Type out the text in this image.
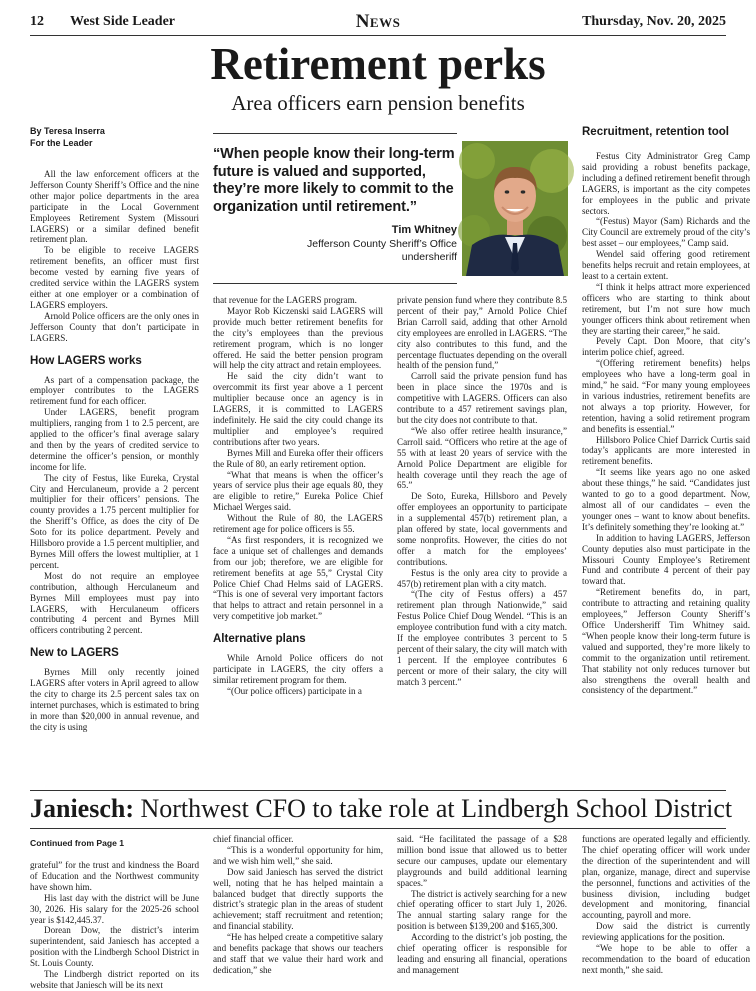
12 West Side Leader	News	Thursday, Nov. 20, 2025
Retirement perks
Area officers earn pension benefits
By Teresa Inserra
For the Leader

All the law enforcement officers at the Jefferson County Sheriff’s Office and the nine other major police departments in the area participate in the Local Government Employees Retirement System (Missouri LAGERS) or a similar defined benefit retirement plan.

To be eligible to receive LAGERS retirement benefits, an officer must first become vested by earning five years of credited service within the LAGERS system either at one employer or a combination of LAGERS employers.

Arnold Police officers are the only ones in Jefferson County that don’t participate in LAGERS.

How LAGERS works

As part of a compensation package, the employer contributes to the LAGERS retirement fund for each officer.

Under LAGERS, benefit program multipliers, ranging from 1 to 2.5 percent, are applied to the officer’s final average salary and then by the years of credited service to determine the officer’s pension, or monthly income for life.

The city of Festus, like Eureka, Crystal City and Herculaneum, provide a 2 percent multiplier for their officers’ pensions. The county provides a 1.75 percent multiplier for the Sheriff’s Office, as does the city of De Soto for its police department. Pevely and Hillsboro provide a 1.5 percent multiplier, and Byrnes Mill offers the lowest multiplier, at 1 percent.

Most do not require an employee contribution, although Herculaneum and Byrnes Mill employees must pay into LAGERS, with Herculaneum officers contributing 4 percent and Byrnes Mill officers contributing 2 percent.

New to LAGERS

Byrnes Mill only recently joined LAGERS after voters in April agreed to allow the city to charge its 2.5 percent sales tax on internet purchases, which is estimated to bring in more than $20,000 in annual revenue, and the city is using

“When people know their long-term future is valued and supported, they’re more likely to commit to the organization until retirement.”
Tim Whitney
Jefferson County Sheriff’s Office
undersheriff

that revenue for the LAGERS program.

Mayor Rob Kiczenski said LAGERS will provide much better retirement benefits for the city’s employees than the previous retirement program, which is no longer offered. He said the better pension program will help the city attract and retain employees.

He said the city didn’t want to overcommit its first year above a 1 percent multiplier because once an agency is in LAGERS, it is committed to LAGERS indefinitely. He said the city could change its multiplier and employee’s required contributions after two years.

Byrnes Mill and Eureka offer their officers the Rule of 80, an early retirement option.

“What that means is when the officer’s years of service plus their age equals 80, they are eligible to retire,” Eureka Police Chief Michael Werges said.

Without the Rule of 80, the LAGERS retirement age for police officers is 55.

“As first responders, it is recognized we face a unique set of challenges and demands from our job; therefore, we are eligible for retirement benefits at age 55,” Crystal City Police Chief Chad Helms said of LAGERS. “This is one of several very important factors that helps to attract and retain personnel in a very competitive job market.”

Alternative plans

While Arnold Police officers do not participate in LAGERS, the city offers a similar retirement program for them.

“(Our police officers) participate in a

private pension fund where they contribute 8.5 percent of their pay,” Arnold Police Chief Brian Carroll said, adding that other Arnold city employees are enrolled in LAGERS. “The city also contributes to this fund, and the percentage fluctuates depending on the overall health of the pension fund,”

Carroll said the private pension fund has been in place since the 1970s and is competitive with LAGERS. Officers can also contribute to a 457 retirement savings plan, but the city does not contribute to that.

“We also offer retiree health insurance,” Carroll said. “Officers who retire at the age of 55 with at least 20 years of service with the Arnold Police Department are eligible for health coverage until they reach the age of 65.”

De Soto, Eureka, Hillsboro and Pevely offer employees an opportunity to participate in a supplemental 457(b) retirement plan, a plan offered by state, local governments and some nonprofits. However, the cities do not offer a match for the employees’ contributions.

Festus is the only area city to provide a 457(b) retirement plan with a city match.

“(The city of Festus offers) a 457 retirement plan through Nationwide,” said Festus Police Chief Doug Wendel. “This is an employee contribution fund with a city match. If the employee contributes 3 percent to 5 percent of their salary, the city will match with 1 percent. If the employee contributes 6 percent or more of their salary, the city will match 3 percent.”

Recruitment, retention tool

Festus City Administrator Greg Camp said providing a robust benefits package, including a defined retirement benefit through LAGERS, is important as the city competes for employees in the public and private sectors.

“(Festus) Mayor (Sam) Richards and the City Council are extremely proud of the city’s best asset – our employees,” Camp said.

Wendel said offering good retirement benefits helps recruit and retain employees, at least to a certain extent.

“I think it helps attract more experienced officers who are starting to think about retirement, but I’m not sure how much younger officers think about retirement when they are starting their career,” he said.

Pevely Capt. Don Moore, that city’s interim police chief, agreed.

“(Offering retirement benefits) helps employees who have a long-term goal in mind,” he said. “For many young employees in various industries, retirement benefits are not always a top priority. However, for retention, having a solid retirement program and benefits is essential.”

Hillsboro Police Chief Darrick Curtis said today’s applicants are more interested in retirement benefits.

“It seems like years ago no one asked about these things,” he said. “Candidates just wanted to go to a good department. Now, almost all of our candidates – even the younger ones – want to know about benefits. It’s definitely something they’re looking at.”

In addition to having LAGERS, Jefferson County deputies also must participate in the Missouri County Employee’s Retirement Fund and contribute 4 percent of their pay toward that.

“Retirement benefits do, in part, contribute to attracting and retaining quality employees,” Jefferson County Sheriff’s Office Undersheriff Tim Whitney said. “When people know their long-term future is valued and supported, they’re more likely to commit to the organization until retirement. That stability not only reduces turnover but also strengthens the overall health and consistency of the department.”

Janiesch: Northwest CFO to take role at Lindbergh School District
Continued from Page 1

grateful” for the trust and kindness the Board of Education and the Northwest community have shown him.

His last day with the district will be June 30, 2026. His salary for the 2025-26 school year is $142,445.37.

Dorean Dow, the district’s interim superintendent, said Janiesch has accepted a position with the Lindbergh School District in St. Louis County.

The Lindbergh district reported on its website that Janiesch will be its next

chief financial officer.

“This is a wonderful opportunity for him, and we wish him well,” she said.

Dow said Janiesch has served the district well, noting that he has helped maintain a balanced budget that directly supports the district’s strategic plan in the areas of student achievement; staff recruitment and retention; and financial stability.

“He has helped create a competitive salary and benefits package that shows our teachers and staff that we value their hard work and dedication,” she

said. “He facilitated the passage of a $28 million bond issue that allowed us to better secure our campuses, update our elementary playgrounds and build additional learning spaces.”

The district is actively searching for a new chief operating officer to start July 1, 2026. The annual starting salary range for the position is between $139,200 and $165,300.

According to the district’s job posting, the chief operating officer is responsible for leading and ensuring all financial, operations and management

functions are operated legally and efficiently. The chief operating officer will work under the direction of the superintendent and will plan, organize, manage, direct and supervise the personnel, functions and activities of the business division, including budget development and monitoring, financial accounting, payroll and more.

Dow said the district is currently reviewing applications for the position.

“We hope to be able to offer a recommendation to the board of education next month,” she said.
